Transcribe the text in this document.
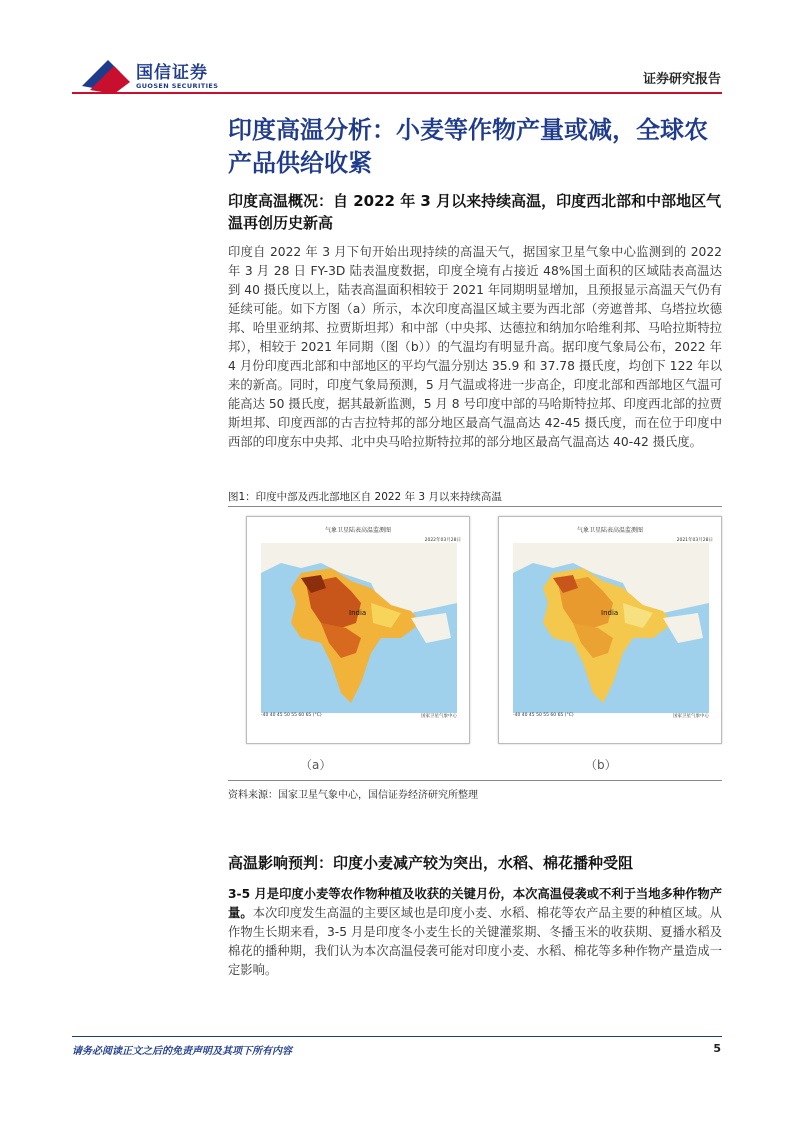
国信证券
GUOSEN SECURITIES	证券研究报告
印度高温分析：小麦等作物产量或减，全球农产品供给收紧
印度高温概况：自 2022 年 3 月以来持续高温，印度西北部和中部地区气温再创历史新高
印度自 2022 年 3 月下旬开始出现持续的高温天气，据国家卫星气象中心监测到的 2022 年 3 月 28 日 FY-3D 陆表温度数据，印度全境有占接近 48%国土面积的区域陆表高温达到 40 摄氏度以上，陆表高温面积相较于 2021 年同期明显增加，且预报显示高温天气仍有延续可能。如下方图（a）所示，本次印度高温区域主要为西北部（旁遮普邦、乌塔拉坎德邦、哈里亚纳邦、拉贾斯坦邦）和中部（中央邦、达德拉和纳加尔哈维利邦、马哈拉斯特拉邦），相较于 2021 年同期（图（b））的气温均有明显升高。据印度气象局公布，2022 年 4 月份印度西北部和中部地区的平均气温分别达 35.9 和 37.78 摄氏度，均创下 122 年以来的新高。同时，印度气象局预测，5 月气温或将进一步高企，印度北部和西部地区气温可能高达 50 摄氏度，据其最新监测，5 月 8 号印度中部的马哈斯特拉邦、印度西北部的拉贾斯坦邦、印度西部的古吉拉特邦的部分地区最高气温高达 42-45 摄氏度，而在位于印度中西部的印度东中央邦、北中央马哈拉斯特拉邦的部分地区最高气温高达 40-42 摄氏度。
图1：印度中部及西北部地区自 2022 年 3 月以来持续高温
气象卫星陆表高温监测图
2022年03月28日
India
-40 40 45 50 55 60 65 (°C)	国家卫星气象中心
（a）
气象卫星陆表高温监测图
2021年03月28日
India
-40 40 45 50 55 60 65 (°C)	国家卫星气象中心
（b）
资料来源：国家卫星气象中心，国信证券经济研究所整理
高温影响预判：印度小麦减产较为突出，水稻、棉花播种受阻
3-5 月是印度小麦等农作物种植及收获的关键月份，本次高温侵袭或不利于当地多种作物产量。本次印度发生高温的主要区域也是印度小麦、水稻、棉花等农产品主要的种植区域。从作物生长期来看，3-5 月是印度冬小麦生长的关键灌浆期、冬播玉米的收获期、夏播水稻及棉花的播种期，我们认为本次高温侵袭可能对印度小麦、水稻、棉花等多种作物产量造成一定影响。
请务必阅读正文之后的免责声明及其项下所有内容	5
